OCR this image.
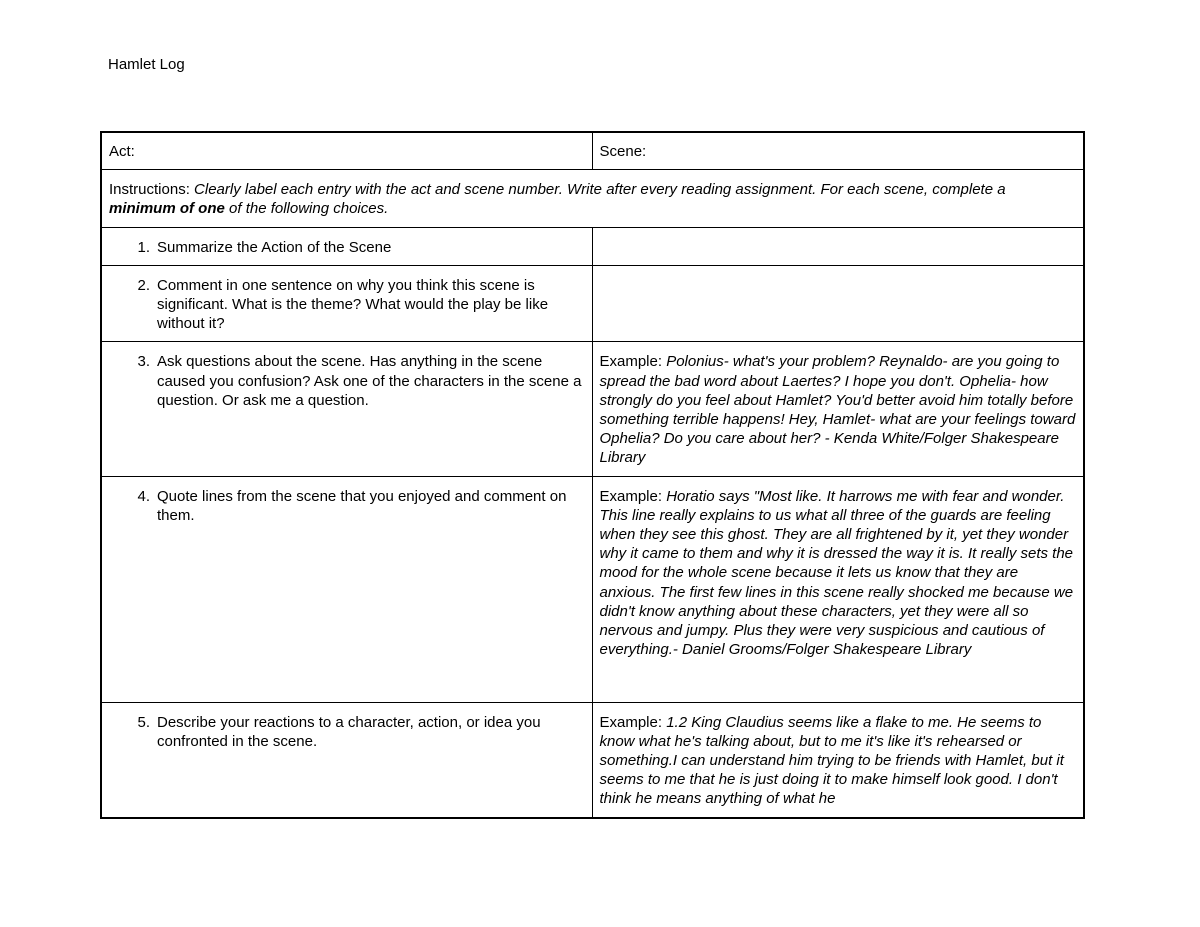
Hamlet Log
Act:	Scene:
Instructions: Clearly label each entry with the act and scene number. Write after every reading assignment. For each scene, complete a minimum of one of the following choices.	

1. Summarize the Action of the Scene	

2. Comment in one sentence on why you think this scene is significant. What is the theme? What would the play be like without it?	

3. Ask questions about the scene. Has anything in the scene caused you confusion? Ask one of the characters in the scene a question. Or ask me a question.	Example: Polonius- what's your problem? Reynaldo- are you going to spread the bad word about Laertes? I hope you don't. Ophelia- how strongly do you feel about Hamlet? You'd better avoid him totally before something terrible happens! Hey, Hamlet- what are your feelings toward Ophelia? Do you care about her? - Kenda White/Folger Shakespeare Library

4. Quote lines from the scene that you enjoyed and comment on them.	Example: Horatio says "Most like. It harrows me with fear and wonder. This line really explains to us what all three of the guards are feeling when they see this ghost. They are all frightened by it, yet they wonder why it came to them and why it is dressed the way it is. It really sets the mood for the whole scene because it lets us know that they are anxious. The first few lines in this scene really shocked me because we didn't know anything about these characters, yet they were all so nervous and jumpy. Plus they were very suspicious and cautious of everything.- Daniel Grooms/Folger Shakespeare Library

5. Describe your reactions to a character, action, or idea you confronted in the scene.	Example: 1.2 King Claudius seems like a flake to me. He seems to know what he's talking about, but to me it's like it's rehearsed or something.I can understand him trying to be friends with Hamlet, but it seems to me that he is just doing it to make himself look good. I don't think he means anything of what he
